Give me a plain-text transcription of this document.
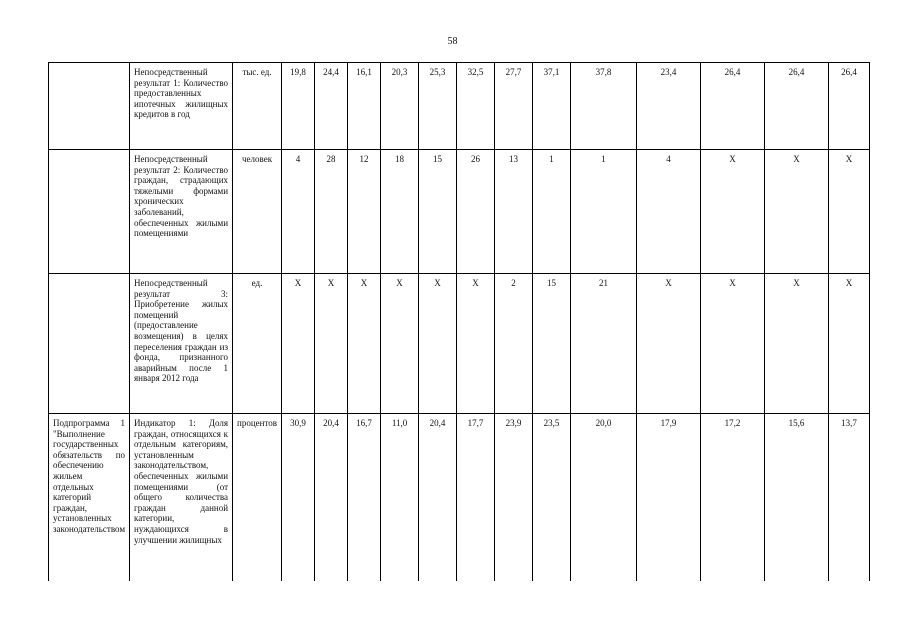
58
	Непосредственный результат 1: Количество предоставленных ипотечных жилищных кредитов в год	тыс. ед.	19,8	24,4	16,1	20,3	25,3	32,5	27,7	37,1	37,8	23,4	26,4	26,4	26,4
	Непосредственный результат 2: Количество граждан, страдающих тяжелыми формами хронических заболеваний, обеспеченных жилыми помещениями	человек	4	28	12	18	15	26	13	1	1	4	Х	Х	Х
	Непосредственный результат 3: Приобретение жилых помещений (предоставление возмещения) в целях переселения граждан из фонда, признанного аварийным после 1 января 2012 года	ед.	Х	Х	Х	Х	Х	Х	2	15	21	Х	Х	Х	Х
Подпрограмма 1 "Выполнение государственных обязательств по обеспечению жильем отдельных категорий граждан, установленных законодательством	Индикатор 1: Доля граждан, относящихся к отдельным категориям, установленным законодательством, обеспеченных жилыми помещениями (от общего количества граждан данной категории, нуждающихся в улучшении жилищных	процентов	30,9	20,4	16,7	11,0	20,4	17,7	23,9	23,5	20,0	17,9	17,2	15,6	13,7
